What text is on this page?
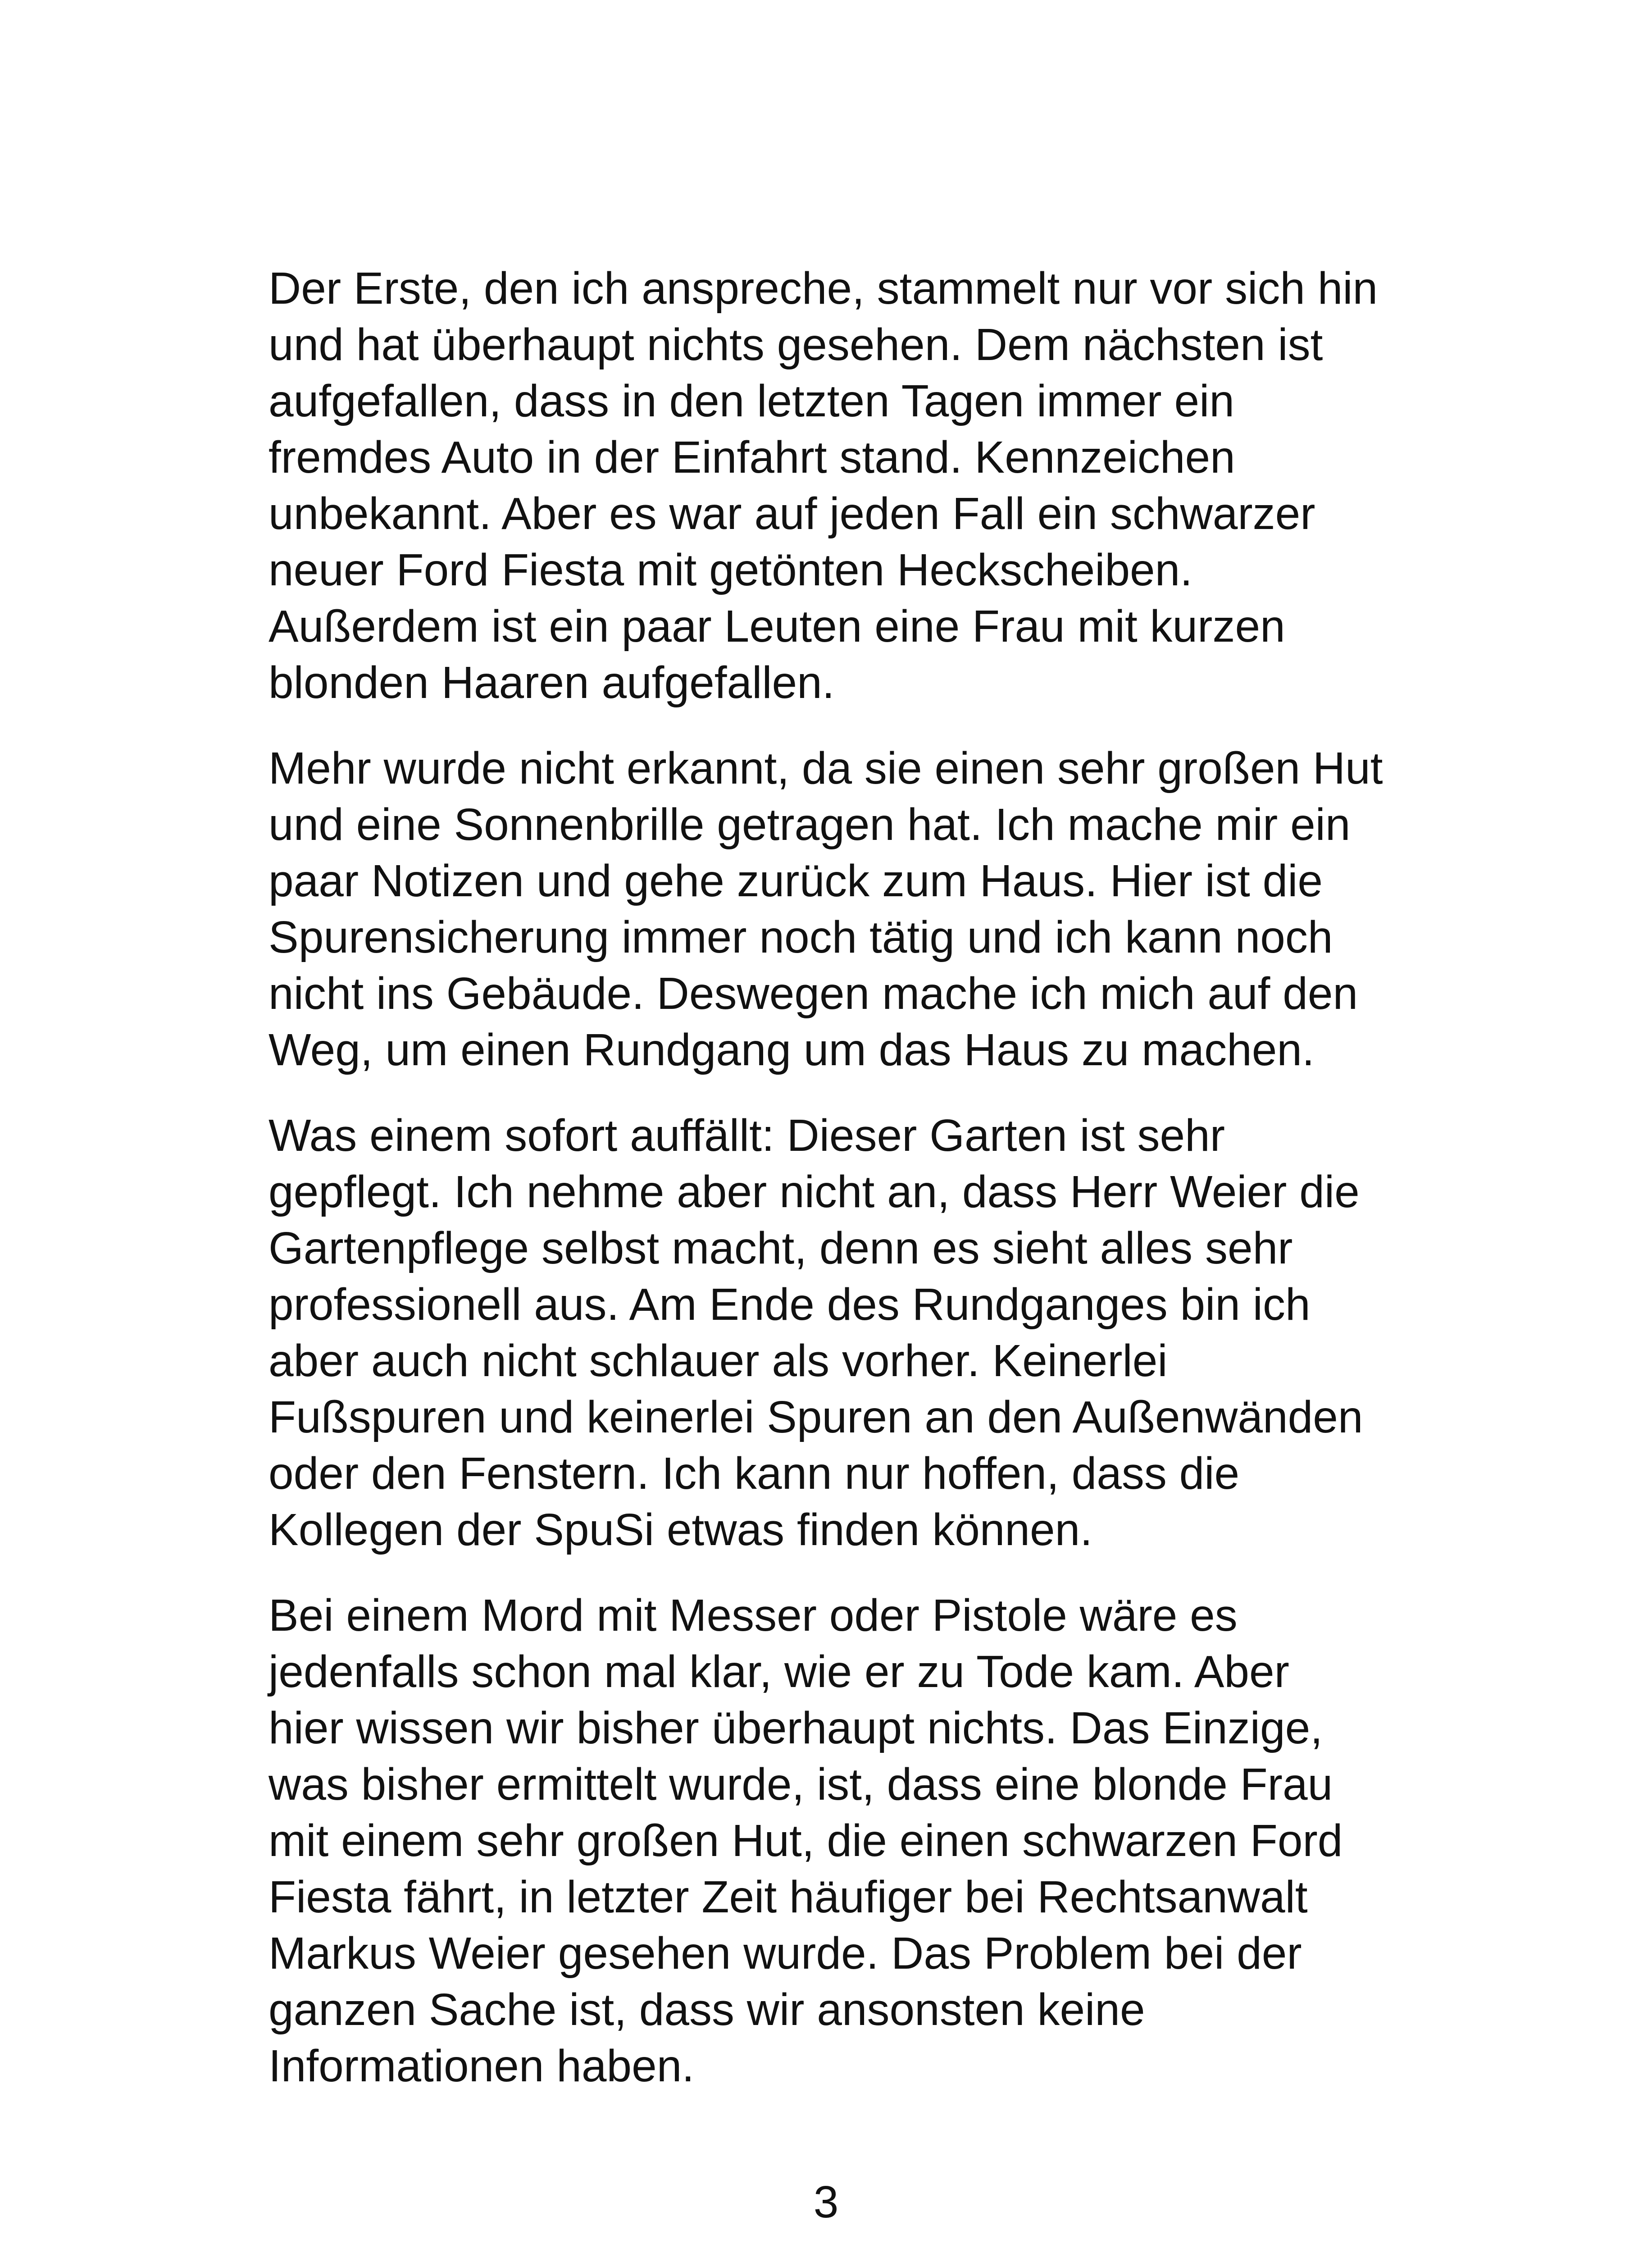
Der Erste, den ich anspreche, stammelt nur vor sich hin
und hat überhaupt nichts gesehen. Dem nächsten ist
aufgefallen, dass in den letzten Tagen immer ein
fremdes Auto in der Einfahrt stand. Kennzeichen
unbekannt. Aber es war auf jeden Fall ein schwarzer
neuer Ford Fiesta mit getönten Heckscheiben.
Außerdem ist ein paar Leuten eine Frau mit kurzen
blonden Haaren aufgefallen.

Mehr wurde nicht erkannt, da sie einen sehr großen Hut
und eine Sonnenbrille getragen hat. Ich mache mir ein
paar Notizen und gehe zurück zum Haus. Hier ist die
Spurensicherung immer noch tätig und ich kann noch
nicht ins Gebäude. Deswegen mache ich mich auf den
Weg, um einen Rundgang um das Haus zu machen.

Was einem sofort auffällt: Dieser Garten ist sehr
gepflegt. Ich nehme aber nicht an, dass Herr Weier die
Gartenpflege selbst macht, denn es sieht alles sehr
professionell aus. Am Ende des Rundganges bin ich
aber auch nicht schlauer als vorher. Keinerlei
Fußspuren und keinerlei Spuren an den Außenwänden
oder den Fenstern. Ich kann nur hoffen, dass die
Kollegen der SpuSi etwas finden können.

Bei einem Mord mit Messer oder Pistole wäre es
jedenfalls schon mal klar, wie er zu Tode kam. Aber
hier wissen wir bisher überhaupt nichts. Das Einzige,
was bisher ermittelt wurde, ist, dass eine blonde Frau
mit einem sehr großen Hut, die einen schwarzen Ford
Fiesta fährt, in letzter Zeit häufiger bei Rechtsanwalt
Markus Weier gesehen wurde. Das Problem bei der
ganzen Sache ist, dass wir ansonsten keine
Informationen haben.

3
